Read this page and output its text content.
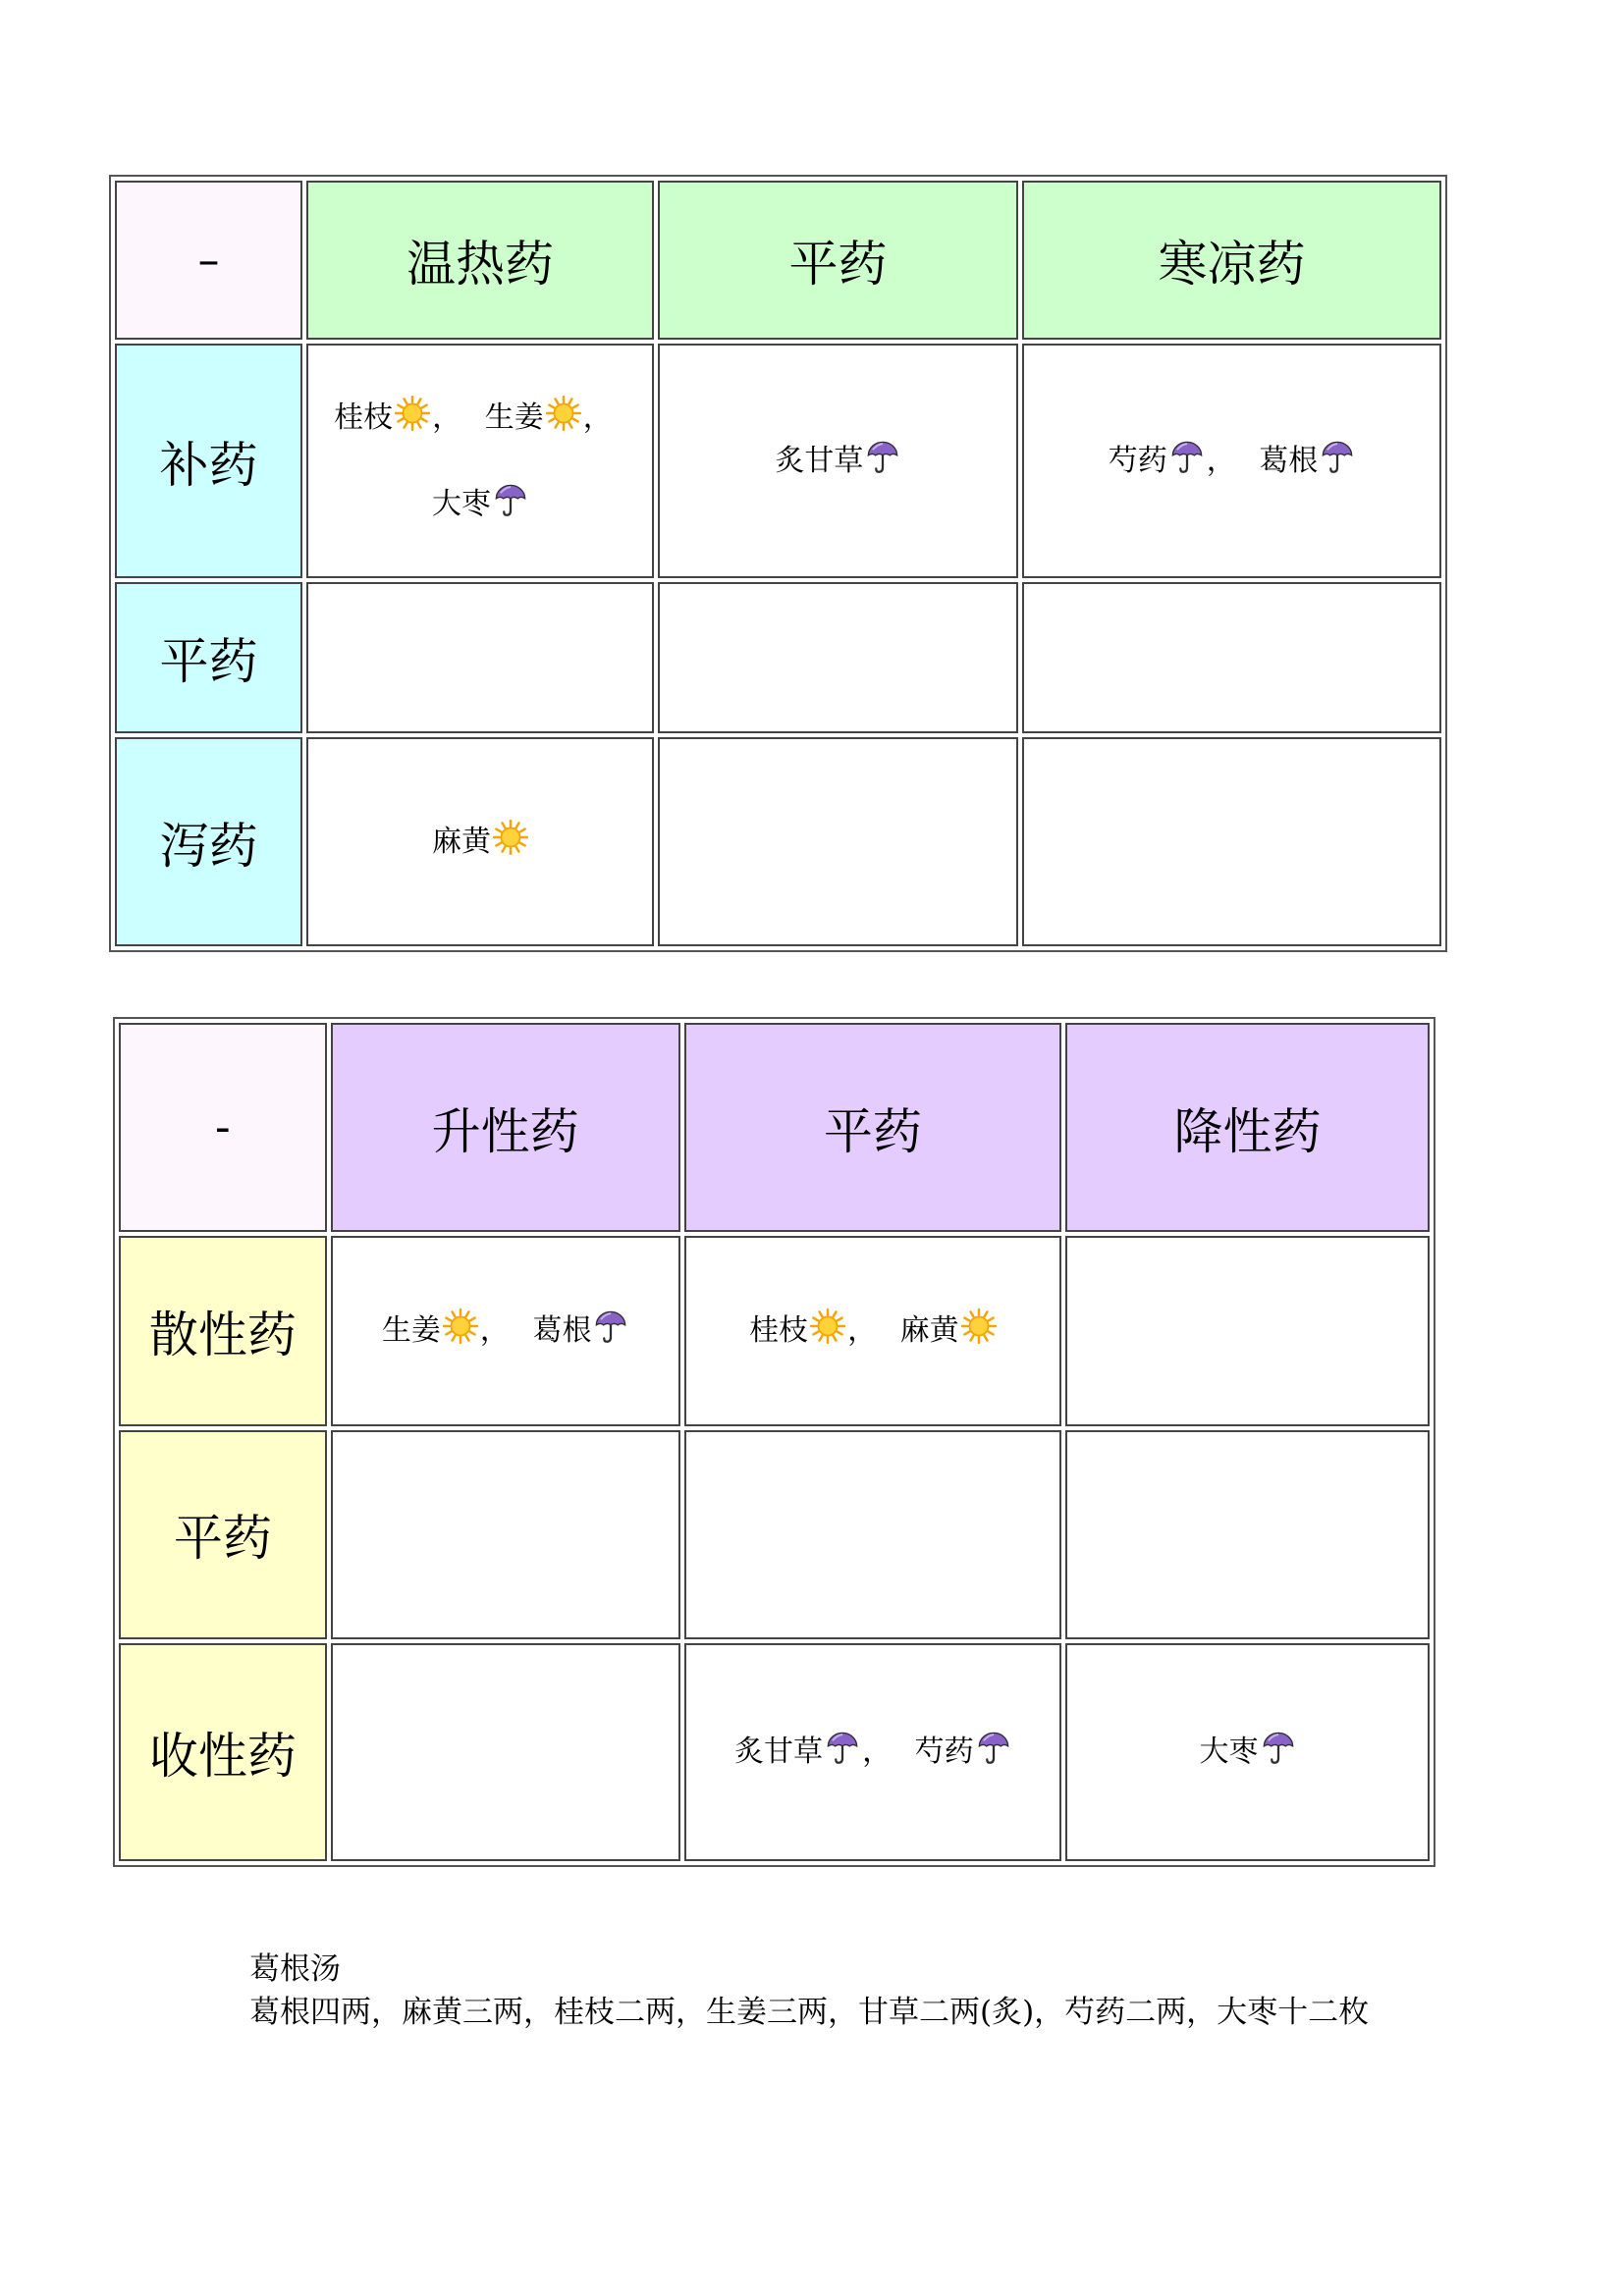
–	温热药	平药	寒凉药
补药	桂枝 ， 生姜 ， 大枣	炙甘草	芍药 ， 葛根
平药			
泻药	麻黄		
-	升性药	平药	降性药
散性药	生姜 ， 葛根	桂枝 ， 麻黄	
平药			
收性药		炙甘草 ， 芍药	大枣

葛根汤

葛根四两，麻黄三两，桂枝二两，生姜三两，甘草二两(炙)，芍药二两，大枣十二枚
